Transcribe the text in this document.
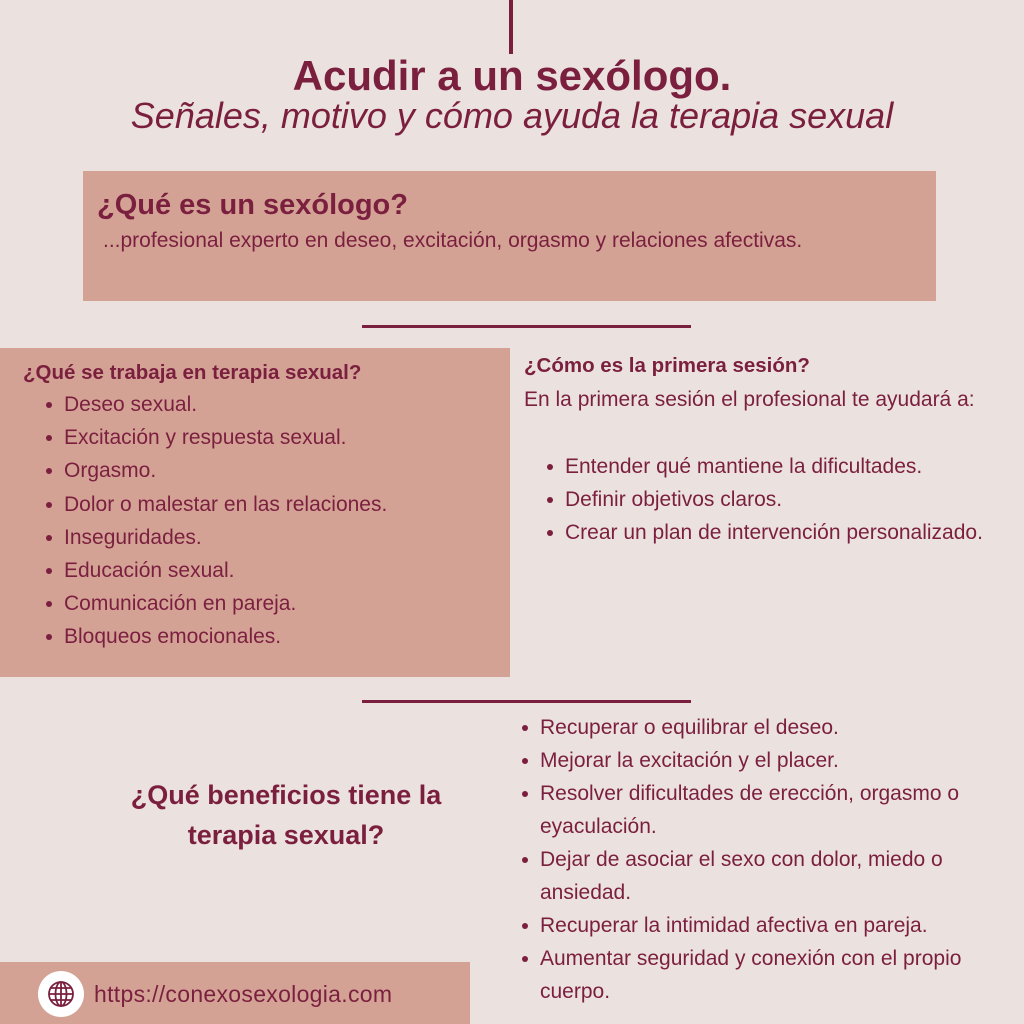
Acudir a un sexólogo.
Señales, motivo y cómo ayuda la terapia sexual
¿Qué es un sexólogo?

...profesional experto en deseo, excitación, orgasmo y relaciones afectivas.

¿Qué se trabaja en terapia sexual?
Deseo sexual.
Excitación y respuesta sexual.
Orgasmo.
Dolor o malestar en las relaciones.
Inseguridades.
Educación sexual.
Comunicación en pareja.
Bloqueos emocionales.
¿Cómo es la primera sesión?

En la primera sesión el profesional te ayudará a:

Entender qué mantiene la dificultades.
Definir objetivos claros.
Crear un plan de intervención personalizado.
¿Qué beneficios tiene la terapia sexual?
Recuperar o equilibrar el deseo.
Mejorar la excitación y el placer.
Resolver dificultades de erección, orgasmo o eyaculación.
Dejar de asociar el sexo con dolor, miedo o ansiedad.
Recuperar la intimidad afectiva en pareja.
Aumentar seguridad y conexión con el propio cuerpo.
https://conexosexologia.com
